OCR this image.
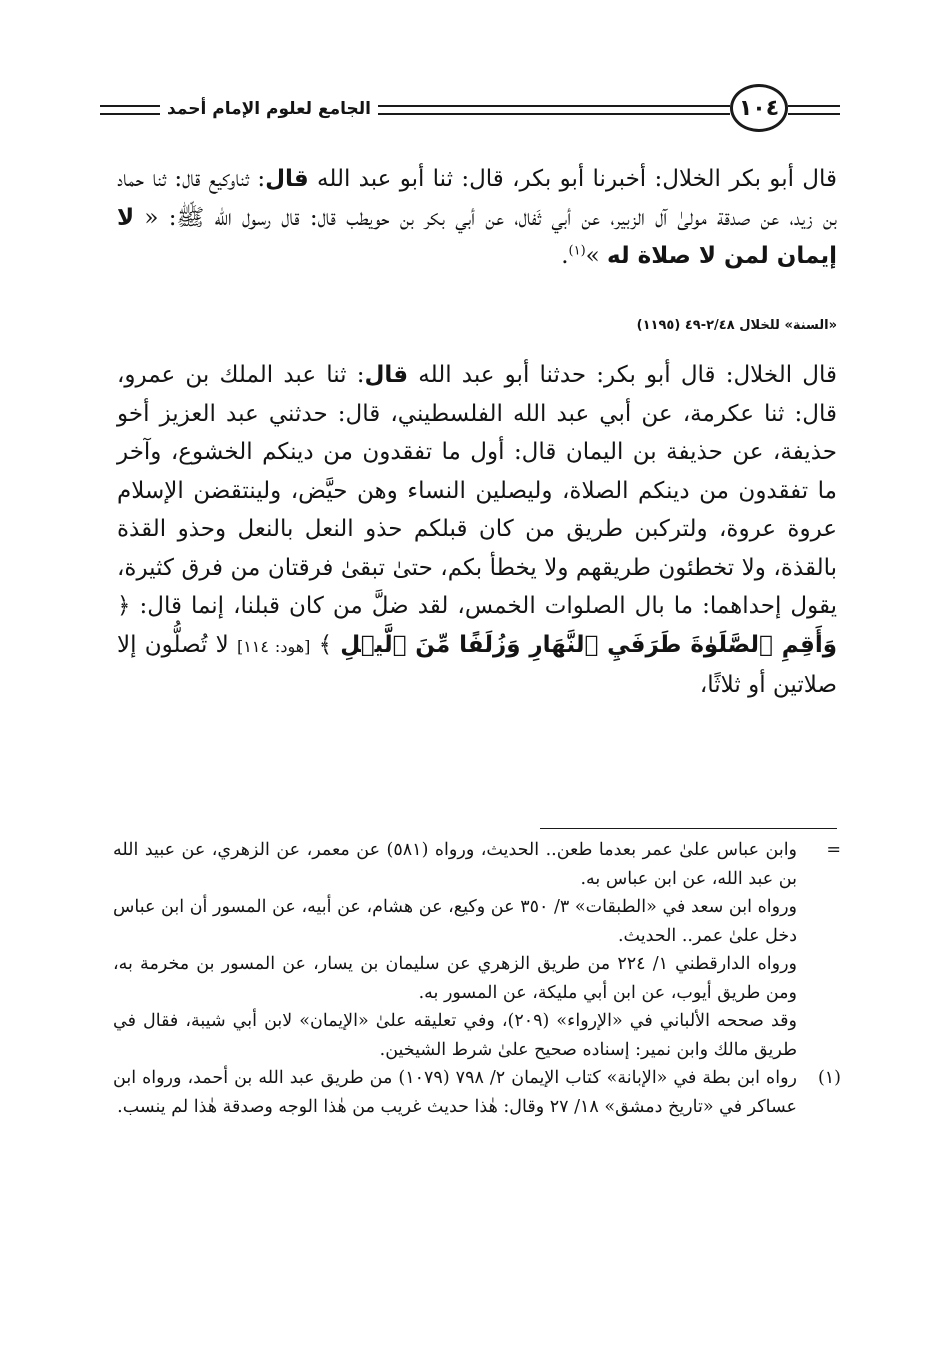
الجامع لعلوم الإمام أحمد	١٠٤
قال أبو بكر الخلال: أخبرنا أبو بكر، قال: ثنا أبو عبد الله قال: ثناوكيع قال: ثنا حماد بن زيد، عن صدقة مولىٰ آل الزبير، عن أبي ثَفال، عن أبي بكر بن حويطب قال: قال رسول الله ﷺ: « لا إيمان لمن لا صلاة له »$^{(١)}$.
«السنة» للخلال ٢/٤٨-٤٩ (١١٩٥)
قال الخلال: قال أبو بكر: حدثنا أبو عبد الله قال: ثنا عبد الملك بن عمرو، قال: ثنا عكرمة، عن أبي عبد الله الفلسطيني، قال: حدثني عبد العزيز أخو حذيفة، عن حذيفة بن اليمان قال: أول ما تفقدون من دينكم الخشوع، وآخر ما تفقدون من دينكم الصلاة، وليصلين النساء وهن حيَّض، ولينتقضن الإسلام عروة عروة، ولتركبن طريق من كان قبلكم حذو النعل بالنعل وحذو القذة بالقذة، ولا تخطئون طريقهم ولا يخطأ بكم، حتىٰ تبقىٰ فرقتان من فرق كثيرة، يقول إحداهما: ما بال الصلوات الخمس، لقد ضلَّ من كان قبلنا، إنما قال: ﴿ وَأَقِمِ ٱلصَّلَوٰةَ طَرَفَيِ ٱلنَّهَارِ وَزُلَفًا مِّنَ ٱلَّيۡلِ ﴾ [هود: ١١٤] لا تُصلُّون إلا صلاتين أو ثلاثًا،
=

وابن عباس علىٰ عمر بعدما طعن.. الحديث، ورواه (٥٨١) عن معمر، عن الزهري، عن عبيد الله بن عبد الله، عن ابن عباس به.

ورواه ابن سعد في «الطبقات» ٣/ ٣٥٠ عن وكيع، عن هشام، عن أبيه، عن المسور أن ابن عباس دخل علىٰ عمر.. الحديث.

ورواه الدارقطني ١/ ٢٢٤ من طريق الزهري عن سليمان بن يسار، عن المسور بن مخرمة به، ومن طريق أيوب، عن ابن أبي مليكة، عن المسور به.

وقد صححه الألباني في «الإرواء» (٢٠٩)، وفي تعليقه علىٰ «الإيمان» لابن أبي شيبة، فقال في طريق مالك وابن نمير: إسناده صحيح علىٰ شرط الشيخين.

(١)

رواه ابن بطة في «الإبانة» كتاب الإيمان ٢/ ٧٩٨ (١٠٧٩) من طريق عبد الله بن أحمد، ورواه ابن عساكر في «تاريخ دمشق» ١٨/ ٢٧ وقال: هٰذا حديث غريب من هٰذا الوجه وصدقة هٰذا لم ينسب.
